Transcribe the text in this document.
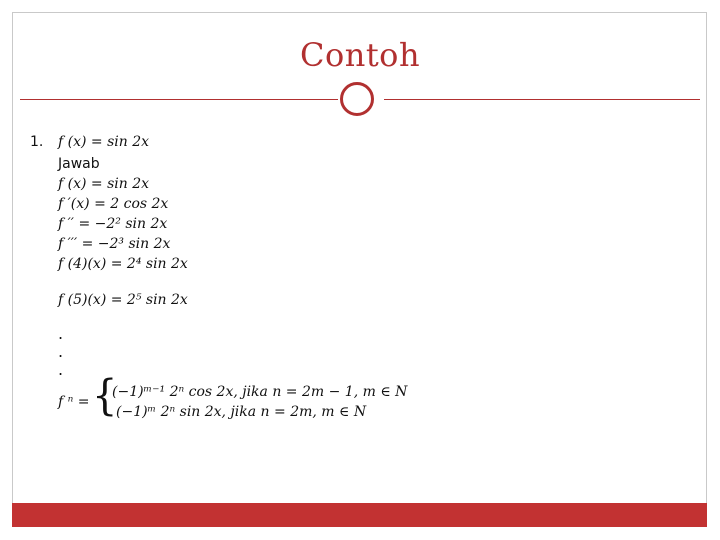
Contoh
1. f (x) = sin 2x
Jawab
f (x) = sin 2x
f ′(x) = 2 cos 2x
f ′′ = −2² sin 2x
f ′′′ = −2³ sin 2x
f (4)(x) = 2⁴ sin 2x
f (5)(x) = 2⁵ sin 2x
.
.
.
f ⁿ = {
(−1)ᵐ⁻¹ 2ⁿ cos 2x, jika n = 2m − 1, m ∈ N
(−1)ᵐ 2ⁿ sin 2x, jika n = 2m, m ∈ N
